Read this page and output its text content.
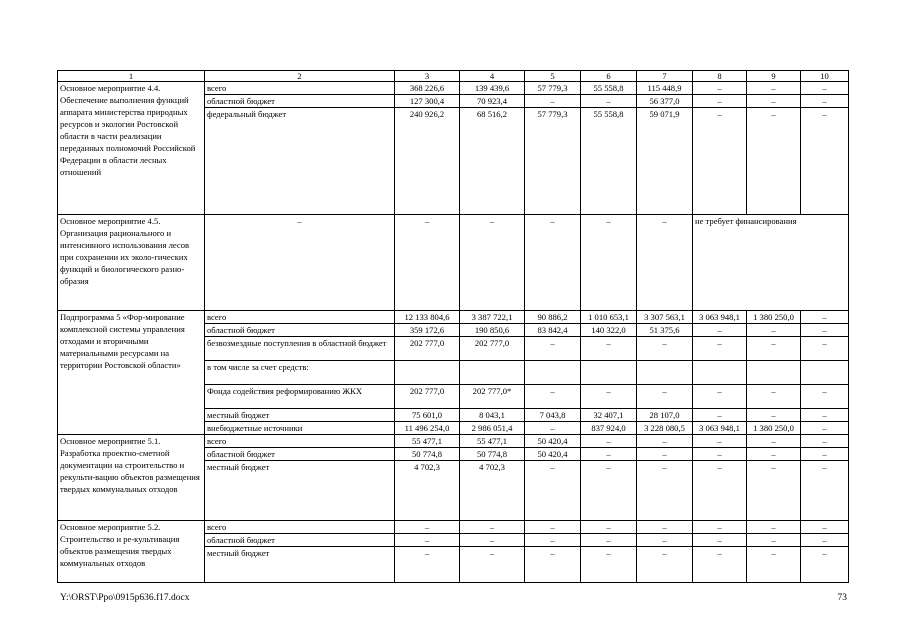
1	2	3	4	5	6	7	8	9	10
Основное мероприятие 4.4. Обеспечение выполнения функций аппарата министерства природных ресурсов и экологии Ростовской области в части реализации переданных полномочий Российской Федерации в области лесных отношений	всего	368 226,6	139 439,6	57 779,3	55 558,8	115 448,9	–	–	–
	областной бюджет	127 300,4	70 923,4	–	–	56 377,0	–	–	–
	федеральный бюджет	240 926,2	68 516,2	57 779,3	55 558,8	59 071,9	–	–	–
Основное мероприятие 4.5. Организация рационального и интенсивного использования лесов при сохранении их эколо-гических функций и биологического разно-образия	–	–	–	–	–	–	не требует финансирования		
Подпрограмма 5 «Фор-мирование комплексной системы управления отходами и вторичными материальными ресурсами на территории Ростовской области»	всего	12 133 804,6	3 387 722,1	90 886,2	1 010 653,1	3 307 563,1	3 063 948,1	1 380 250,0	–
	областной бюджет	359 172,6	190 850,6	83 842,4	140 322,0	51 375,6	–	–	–
	безвозмездные поступления в областной бюджет	202 777,0	202 777,0	–	–	–	–	–	–
	в том числе за счет средств:								
	Фонда содействия реформированию ЖКХ	202 777,0	202 777,0*	–	–	–	–	–	–
	местный бюджет	75 601,0	8 043,1	7 043,8	32 407,1	28 107,0	–	–	–
	внебюджетные источники	11 496 254,0	2 986 051,4	–	837 924,0	3 228 080,5	3 063 948,1	1 380 250,0	–
Основное мероприятие 5.1. Разработка проектно-сметной документации на строительство и рекульти-вацию объектов размещения твердых коммунальных отходов	всего	55 477,1	55 477,1	50 420,4	–	–	–	–	–
	областной бюджет	50 774,8	50 774,8	50 420,4	–	–	–	–	–
	местный бюджет	4 702,3	4 702,3	–	–	–	–	–	–
Основное мероприятие 5.2. Строительство и ре-культивация объектов размещения твердых коммунальных отходов	всего	–	–	–	–	–	–	–	–
	областной бюджет	–	–	–	–	–	–	–	–
	местный бюджет	–	–	–	–	–	–	–	–
Y:\ORST\Ppo\0915p636.f17.docx	73
